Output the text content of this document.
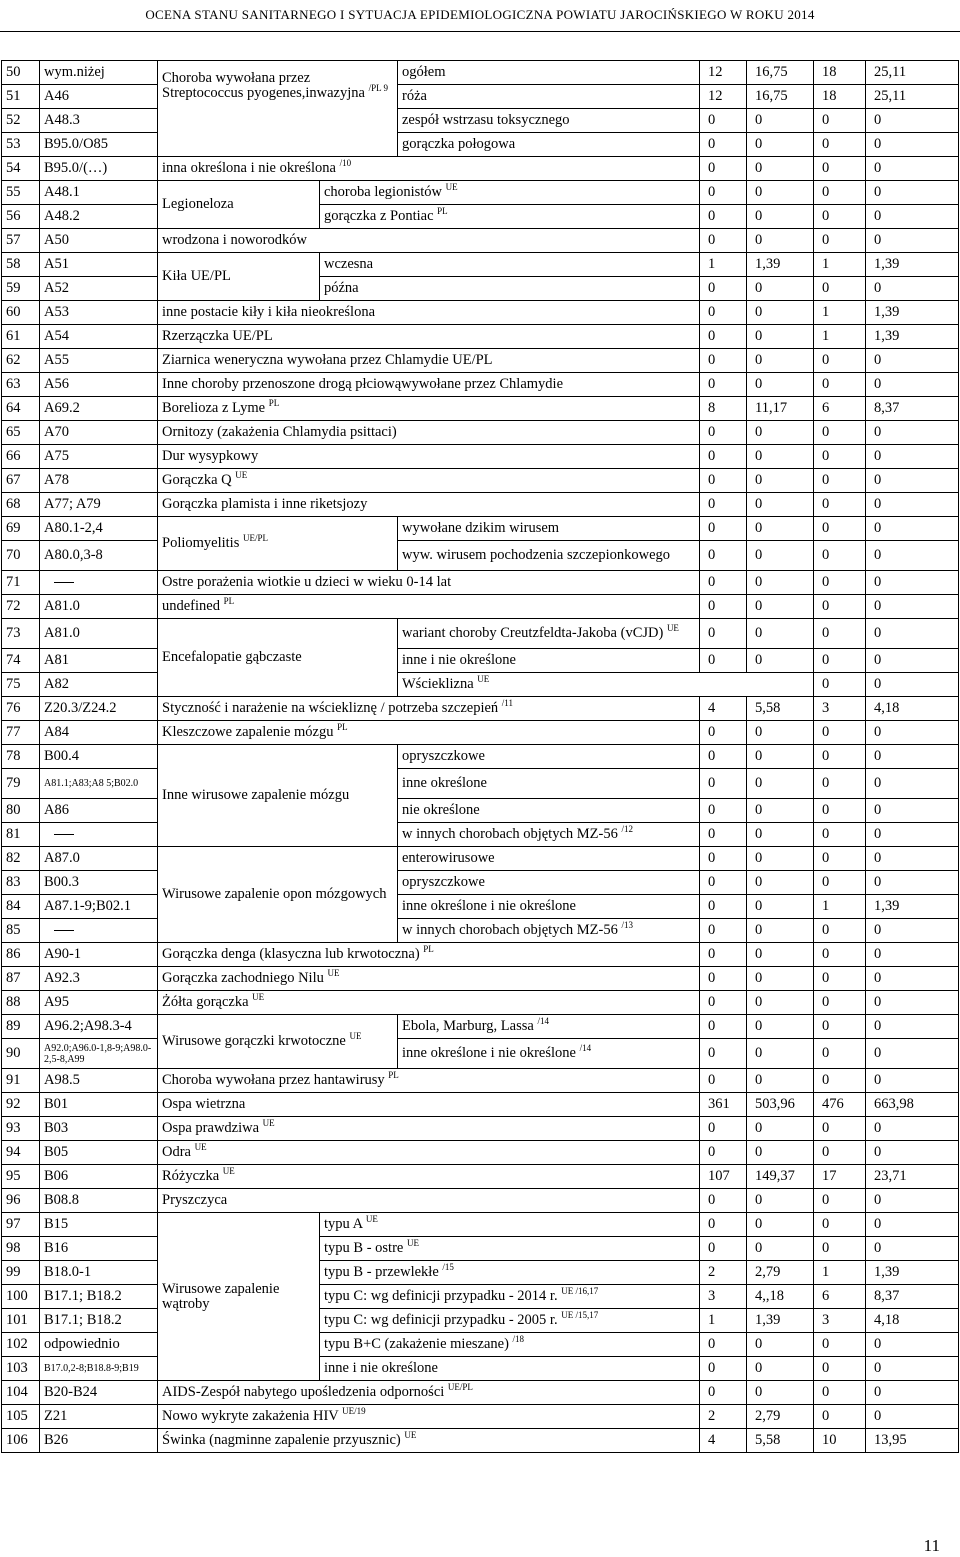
OCENA STANU SANITARNEGO I SYTUACJA EPIDEMIOLOGICZNA POWIATU JAROCIŃSKIEGO W ROKU 2014
50	wym.niżej	Choroba wywołana przez Streptococcus pyogenes,inwazyjna $^{/PL 9}$		ogółem	12	16,75	18	25,11	
51	A46			róża	12	16,75	18	25,11	
52	A48.3			zespół wstrzasu toksycznego	0	0	0	0	
53	B95.0/O85			gorączka połogowa	0	0	0	0	
54	B95.0/(…)	inna określona i nie określona $^{/10}$			0	0	0	0	
55	A48.1	Legioneloza	choroba legionistów $^{UE}$		0	0	0	0	
56	A48.2		gorączka z Pontiac $^{PL}$		0	0	0	0	
57	A50	wrodzona i noworodków			0	0	0	0	
58	A51	Kiła UE/PL	wczesna		1	1,39	1	1,39	
59	A52		późna		0	0	0	0	
60	A53	inne postacie kiły i kiła nieokreślona			0	0	1	1,39	
61	A54	Rzerzączka UE/PL			0	0	1	1,39	
62	A55	Ziarnica weneryczna wywołana przez Chlamydie UE/PL			0	0	0	0	
63	A56	Inne choroby przenoszone drogą płciowąwywołane przez Chlamydie			0	0	0	0	
64	A69.2	Borelioza z Lyme $^{PL}$			8	11,17	6	8,37	
65	A70	Ornitozy (zakażenia Chlamydia psittaci)			0	0	0	0	
66	A75	Dur wysypkowy			0	0	0	0	
67	A78	Gorączka Q $^{UE}$			0	0	0	0	
68	A77; A79	Gorączka plamista i inne riketsjozy			0	0	0	0	
69	A80.1-2,4	Poliomyelitis $^{UE/PL}$		wywołane dzikim wirusem	0	0	0	0	
70	A80.0,3-8			wyw. wirusem pochodzenia szczepionkowego	0	0	0	0	
71		Ostre porażenia wiotkie u dzieci w wieku 0-14 lat			0	0	0	0	
72	A81.0	undefined $^{PL}$			0	0	0	0	
73	A81.0	Encefalopatie gąbczaste		wariant choroby Creutzfeldta-Jakoba (vCJD) $^{UE}$	0	0	0	0	
74	A81			inne i nie określone	0	0	0	0	
75	A82			Wścieklizna $^{UE}$			0	0		
76	Z20.3/Z24.2	Styczność i narażenie na wściekliznę / potrzeba szczepień $^{/11}$			4	5,58	3	4,18	
77	A84	Kleszczowe zapalenie mózgu $^{PL}$			0	0	0	0	
78	B00.4	Inne wirusowe zapalenie mózgu		opryszczkowe	0	0	0	0	
79	A81.1;A83;A8 5;B02.0			inne określone	0	0	0	0	
80	A86			nie określone	0	0	0	0	
81				w innych chorobach objętych MZ-56 $^{/12}$	0	0	0	0	
82	A87.0	Wirusowe zapalenie opon mózgowych		enterowirusowe	0	0	0	0	
83	B00.3			opryszczkowe	0	0	0	0	
84	A87.1-9;B02.1			inne określone i nie określone	0	0	1	1,39	
85				w innych chorobach objętych MZ-56 $^{/13}$	0	0	0	0	
86	A90-1	Gorączka denga (klasyczna lub krwotoczna) $^{PL}$			0	0	0	0	
87	A92.3	Gorączka zachodniego Nilu $^{UE}$			0	0	0	0	
88	A95	Żółta gorączka $^{UE}$			0	0	0	0	
89	A96.2;A98.3-4	Wirusowe gorączki krwotoczne $^{UE}$		Ebola, Marburg, Lassa $^{/14}$	0	0	0	0	
90	A92.0;A96.0-1,8-9;A98.0-2,5-8,A99			inne określone i nie określone $^{/14}$	0	0	0	0	
91	A98.5	Choroba wywołana przez hantawirusy $^{PL}$			0	0	0	0	
92	B01	Ospa wietrzna			361	503,96	476	663,98	
93	B03	Ospa prawdziwa $^{UE}$			0	0	0	0	
94	B05	Odra $^{UE}$			0	0	0	0	
95	B06	Różyczka $^{UE}$			107	149,37	17	23,71	
96	B08.8	Pryszczyca			0	0	0	0	
97	B15	Wirusowe zapalenie wątroby	typu A $^{UE}$		0	0	0	0	
98	B16		typu B - ostre $^{UE}$		0	0	0	0	
99	B18.0-1		typu B - przewlekłe $^{/15}$		2	2,79	1	1,39	
100	B17.1; B18.2		typu C: wg definicji przypadku - 2014 r. $^{UE /16,17}$		3	4,,18	6	8,37	
101	B17.1; B18.2		typu C: wg definicji przypadku - 2005 r. $^{UE /15,17}$		1	1,39	3	4,18	
102	odpowiednio		typu B+C (zakażenie mieszane) $^{/18}$		0	0	0	0	
103	B17.0,2-8;B18.8-9;B19		inne i nie określone		0	0	0	0	
104	B20-B24	AIDS-Zespół nabytego upośledzenia odporności $^{UE/PL}$			0	0	0	0	
105	Z21	Nowo wykryte zakażenia HIV $^{UE/19}$			2	2,79	0	0	
106	B26	Świnka (nagminne zapalenie przyusznic) $^{UE}$			4	5,58	10	13,95	
11
